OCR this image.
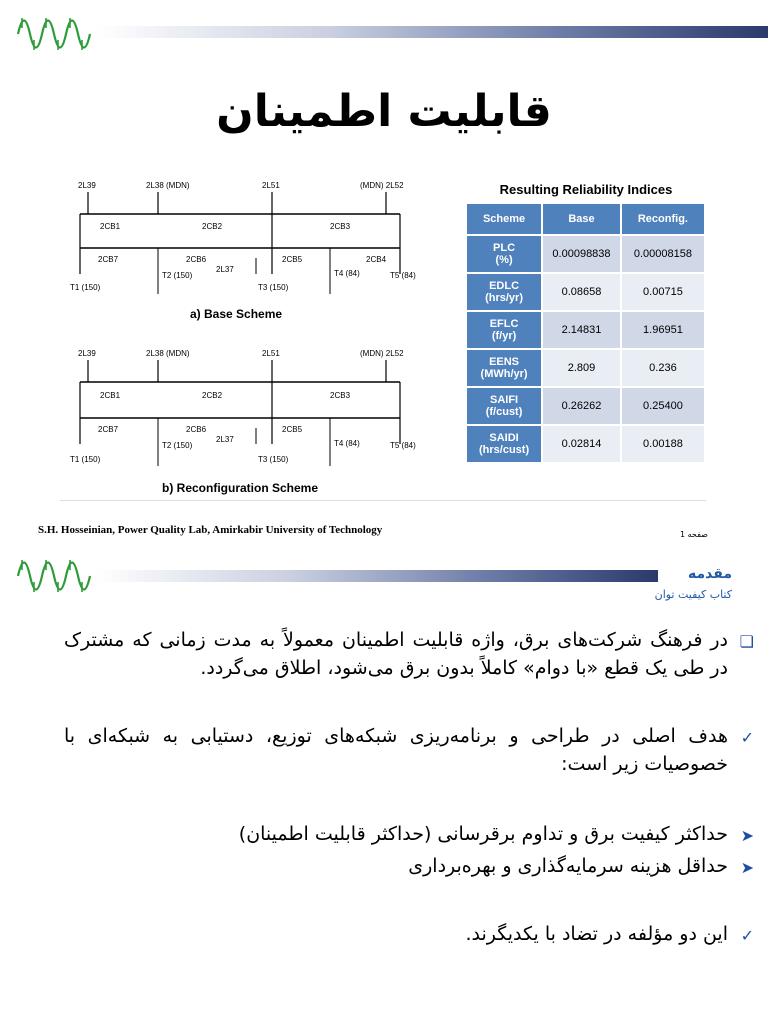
قابلیت اطمینان
2L39	2L38 (MDN)	2L51	(MDN) 2L52
2CB1	2CB2	2CB3
2CB7	2CB6	2CB5	2CB4
T1 (150)
T2 (150)
2L37
T3 (150)
T4 (84)	T5 (84)
a) Base Scheme
2L39	2L38 (MDN)	2L51	(MDN) 2L52
2CB1	2CB2	2CB3
2CB7	2CB6	2CB5
T1 (150)
T2 (150)
2L37
T3 (150)
T4 (84)	T5 (84)
b) Reconfiguration Scheme
Resulting Reliability Indices
Scheme	Base	Reconfig.
PLC
(%)	0.00098838	0.00008158
EDLC
(hrs/yr)	0.08658	0.00715
EFLC
(f/yr)	2.14831	1.96951
EENS
(MWh/yr)	2.809	0.236
SAIFI
(f/cust)	0.26262	0.25400
SAIDI
(hrs/cust)	0.02814	0.00188
S.H. Hosseinian, Power Quality Lab, Amirkabir University of Technology	صفحه 1
مقدمه
کتاب کیفیت توان
❏
در فرهنگ شرکت‌های برق، واژه قابلیت اطمینان معمولاً به مدت زمانی که مشترک در طی یک قطع «با دوام» کاملاً بدون برق می‌شود، اطلاق می‌گردد.
✓
هدف اصلی در طراحی و برنامه‌ریزی شبکه‌های توزیع، دستیابی به شبکه‌ای با خصوصیات زیر است:
➤
حداکثر کیفیت برق و تداوم برقرسانی (حداکثر قابلیت اطمینان)
➤
حداقل هزینه سرمایه‌گذاری و بهره‌برداری
✓
این دو مؤلفه در تضاد با یکدیگرند.
